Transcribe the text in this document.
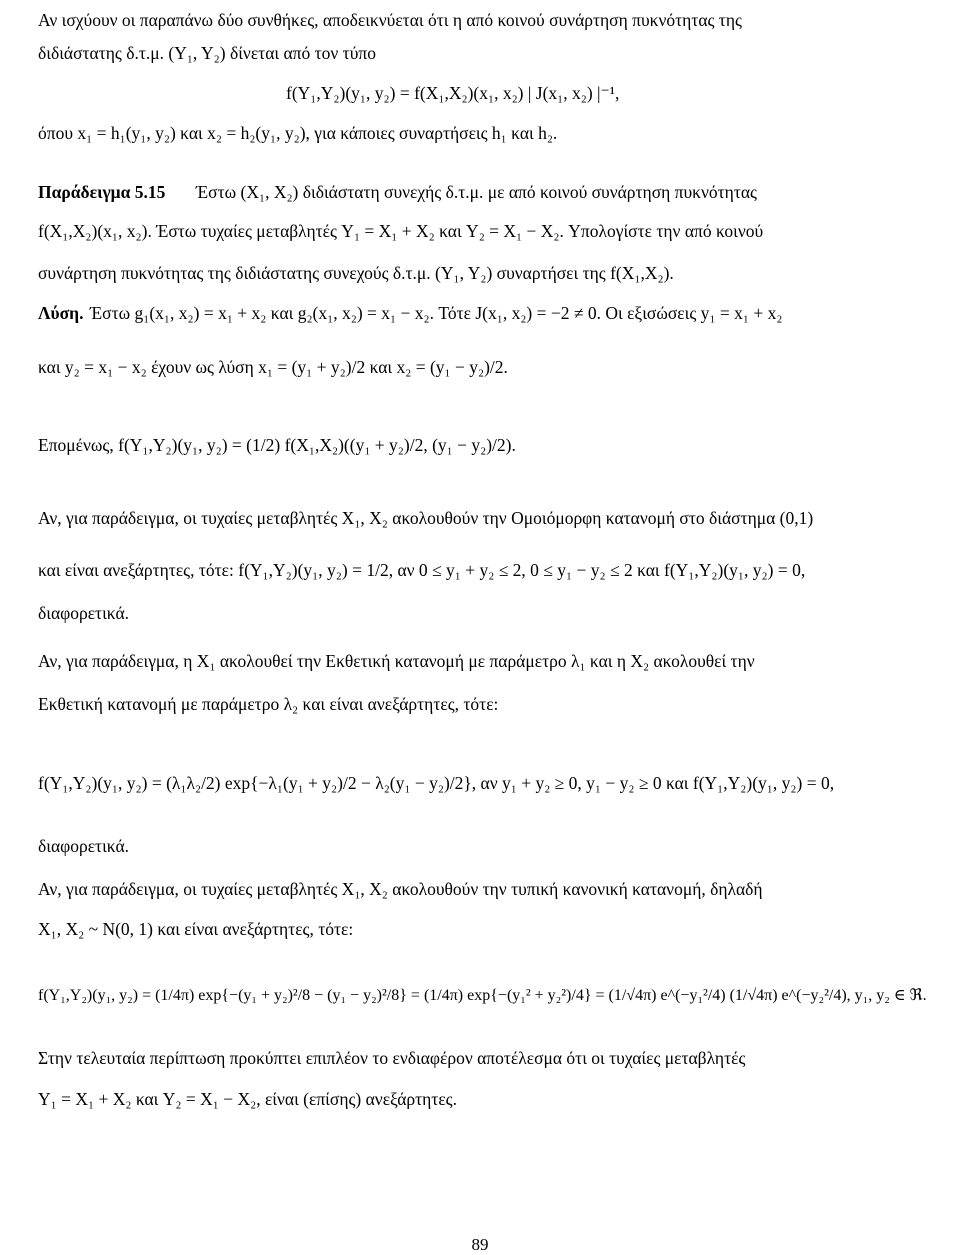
Αν ισχύουν οι παραπάνω δύο συνθήκες, αποδεικνύεται ότι η από κοινού συνάρτηση πυκνότητας της
διδιάστατης δ.τ.μ. (Y₁, Y₂) δίνεται από τον τύπο
f(Y₁,Y₂)(y₁, y₂) = f(X₁,X₂)(x₁, x₂) | J(x₁, x₂) |⁻¹,
όπου x₁ = h₁(y₁, y₂) και x₂ = h₂(y₁, y₂), για κάποιες συναρτήσεις h₁ και h₂.
Παράδειγμα 5.15 Έστω (X₁, X₂) διδιάστατη συνεχής δ.τ.μ. με από κοινού συνάρτηση πυκνότητας
f(X₁,X₂)(x₁, x₂). Έστω τυχαίες μεταβλητές Y₁ = X₁ + X₂ και Y₂ = X₁ − X₂. Υπολογίστε την από κοινού
συνάρτηση πυκνότητας της διδιάστατης συνεχούς δ.τ.μ. (Y₁, Y₂) συναρτήσει της f(X₁,X₂).
Λύση. Έστω g₁(x₁, x₂) = x₁ + x₂ και g₂(x₁, x₂) = x₁ − x₂. Τότε J(x₁, x₂) = −2 ≠ 0. Οι εξισώσεις y₁ = x₁ + x₂
και y₂ = x₁ − x₂ έχουν ως λύση x₁ = (y₁ + y₂)/2 και x₂ = (y₁ − y₂)/2.
Επομένως, f(Y₁,Y₂)(y₁, y₂) = (1/2) f(X₁,X₂)((y₁ + y₂)/2, (y₁ − y₂)/2).
Αν, για παράδειγμα, οι τυχαίες μεταβλητές X₁, X₂ ακολουθούν την Ομοιόμορφη κατανομή στο διάστημα (0,1)
και είναι ανεξάρτητες, τότε: f(Y₁,Y₂)(y₁, y₂) = 1/2, αν 0 ≤ y₁ + y₂ ≤ 2, 0 ≤ y₁ − y₂ ≤ 2 και f(Y₁,Y₂)(y₁, y₂) = 0,
διαφορετικά.
Αν, για παράδειγμα, η X₁ ακολουθεί την Εκθετική κατανομή με παράμετρο λ₁ και η X₂ ακολουθεί την
Εκθετική κατανομή με παράμετρο λ₂ και είναι ανεξάρτητες, τότε:
f(Y₁,Y₂)(y₁, y₂) = (λ₁λ₂/2) exp{−λ₁(y₁ + y₂)/2 − λ₂(y₁ − y₂)/2}, αν y₁ + y₂ ≥ 0, y₁ − y₂ ≥ 0 και f(Y₁,Y₂)(y₁, y₂) = 0,
διαφορετικά.
Αν, για παράδειγμα, οι τυχαίες μεταβλητές X₁, X₂ ακολουθούν την τυπική κανονική κατανομή, δηλαδή
X₁, X₂ ~ N(0, 1) και είναι ανεξάρτητες, τότε:
f(Y₁,Y₂)(y₁, y₂) = (1/4π) exp{−(y₁ + y₂)²/8 − (y₁ − y₂)²/8} = (1/4π) exp{−(y₁² + y₂²)/4} = (1/√4π) e^(−y₁²/4) (1/√4π) e^(−y₂²/4), y₁, y₂ ∈ ℜ.
Στην τελευταία περίπτωση προκύπτει επιπλέον το ενδιαφέρον αποτέλεσμα ότι οι τυχαίες μεταβλητές
Y₁ = X₁ + X₂ και Y₂ = X₁ − X₂, είναι (επίσης) ανεξάρτητες.
89
